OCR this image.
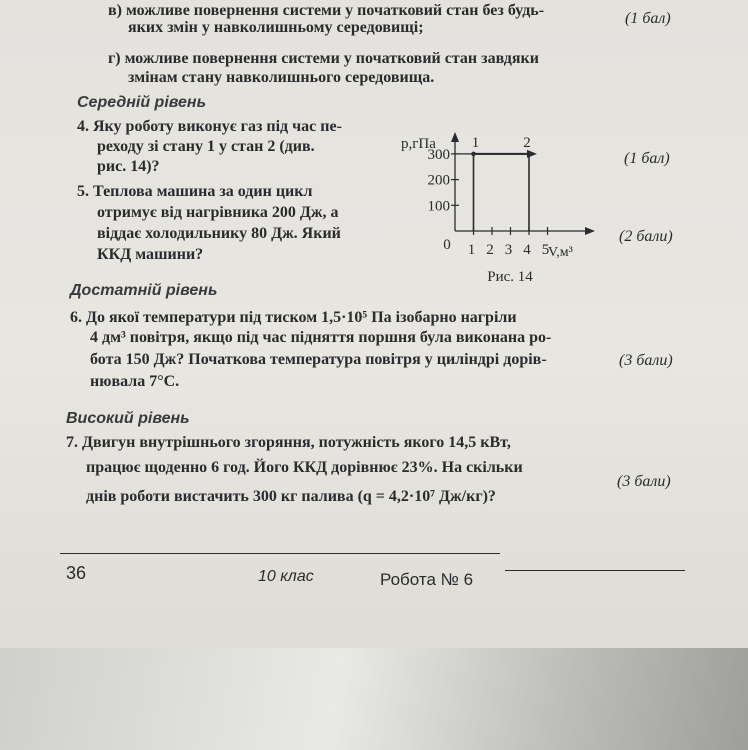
в) можливе повернення системи у початковий стан без будь-
яких змін у навколишньому середовищі;
(1 бал)
г) можливе повернення системи у початковий стан завдяки
змінам стану навколишнього середовища.
Середній рівень
4. Яку роботу виконує газ під час пе-
реходу зі стану 1 у стан 2 (див.
рис. 14)?	(1 бал)
5. Теплова машина за один цикл
отримує від нагрівника 200 Дж, а
віддає холодильнику 80 Дж. Який
ККД машини?
(2 бали)
p,гПа
V,м³
0
100
200
300
1 2 3 4 5
1	2
Рис. 14
Достатній рівень
6. До якої температури під тиском 1,5·10⁵ Па ізобарно нагріли
4 дм³ повітря, якщо під час підняття поршня була виконана ро-
бота 150 Дж? Початкова температура повітря у циліндрі дорів-
нювала 7°С.
(3 бали)
Високий рівень
7. Двигун внутрішнього згоряння, потужність якого 14,5 кВт,
працює щоденно 6 год. Його ККД дорівнює 23%. На скільки
днів роботи вистачить 300 кг палива (q = 4,2·10⁷ Дж/кг)?
(3 бали)
36	10 клас	Робота № 6
